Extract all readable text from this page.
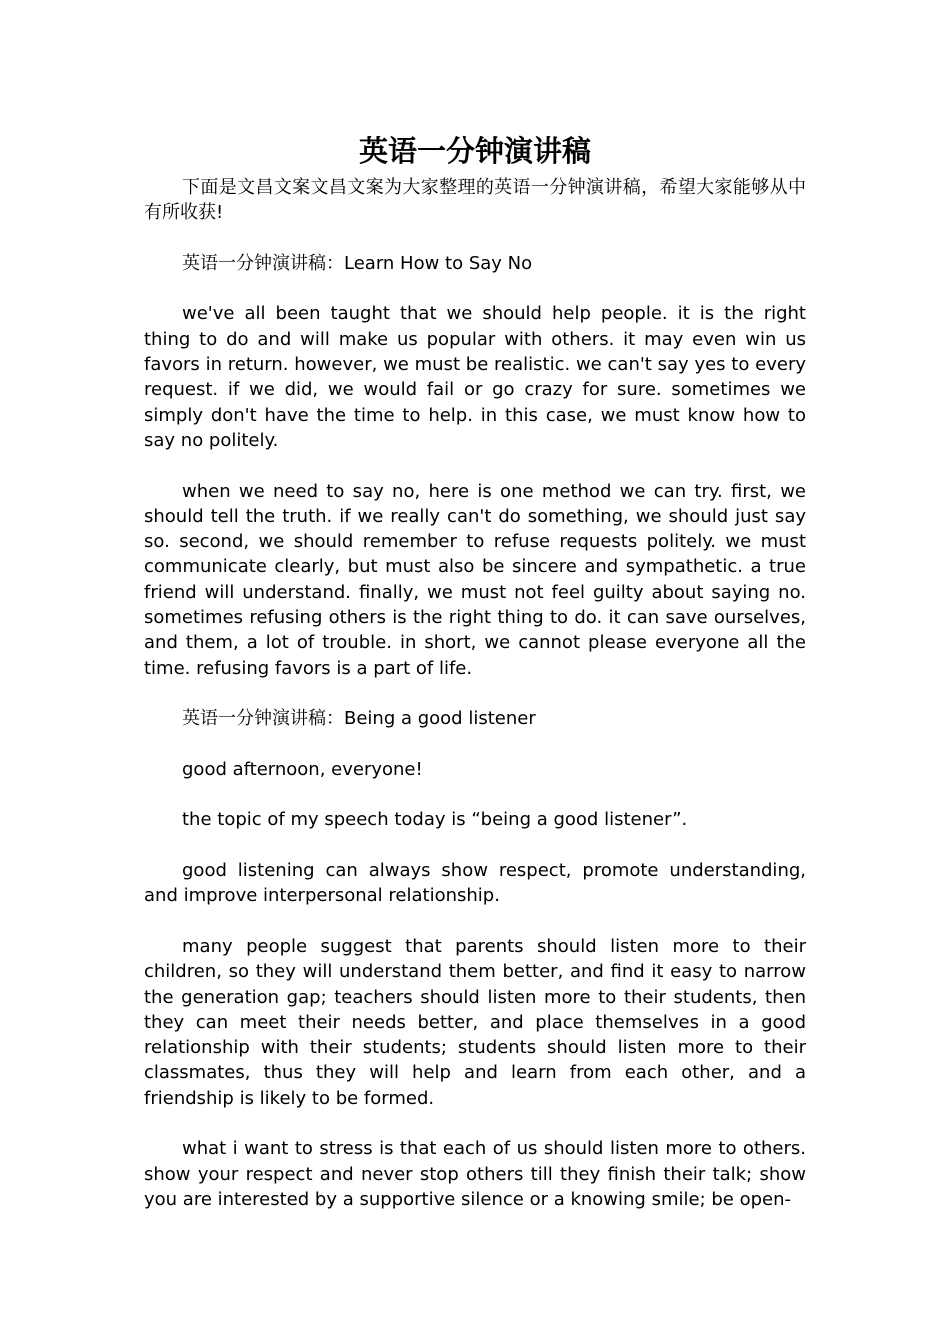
英语一分钟演讲稿

下面是文昌文案文昌文案为大家整理的英语一分钟演讲稿，希望大家能够从中有所收获!

英语一分钟演讲稿：Learn How to Say No

we've all been taught that we should help people. it is the right thing to do and will make us popular with others. it may even win us favors in return. however, we must be realistic. we can't say yes to every request. if we did, we would fail or go crazy for sure. sometimes we simply don't have the time to help. in this case, we must know how to say no politely.

when we need to say no, here is one method we can try. first, we should tell the truth. if we really can't do something, we should just say so. second, we should remember to refuse requests politely. we must communicate clearly, but must also be sincere and sympathetic. a true friend will understand. finally, we must not feel guilty about saying no. sometimes refusing others is the right thing to do. it can save ourselves, and them, a lot of trouble. in short, we cannot please everyone all the time. refusing favors is a part of life.

英语一分钟演讲稿：Being a good listener

good afternoon, everyone!

the topic of my speech today is “being a good listener”.

good listening can always show respect, promote understanding, and improve interpersonal relationship.

many people suggest that parents should listen more to their children, so they will understand them better, and find it easy to narrow the generation gap; teachers should listen more to their students, then they can meet their needs better, and place themselves in a good relationship with their students; students should listen more to their classmates, thus they will help and learn from each other, and a friendship is likely to be formed.

what i want to stress is that each of us should listen more to others. show your respect and never stop others till they finish their talk; show you are interested by a supportive silence or a knowing smile; be open-
